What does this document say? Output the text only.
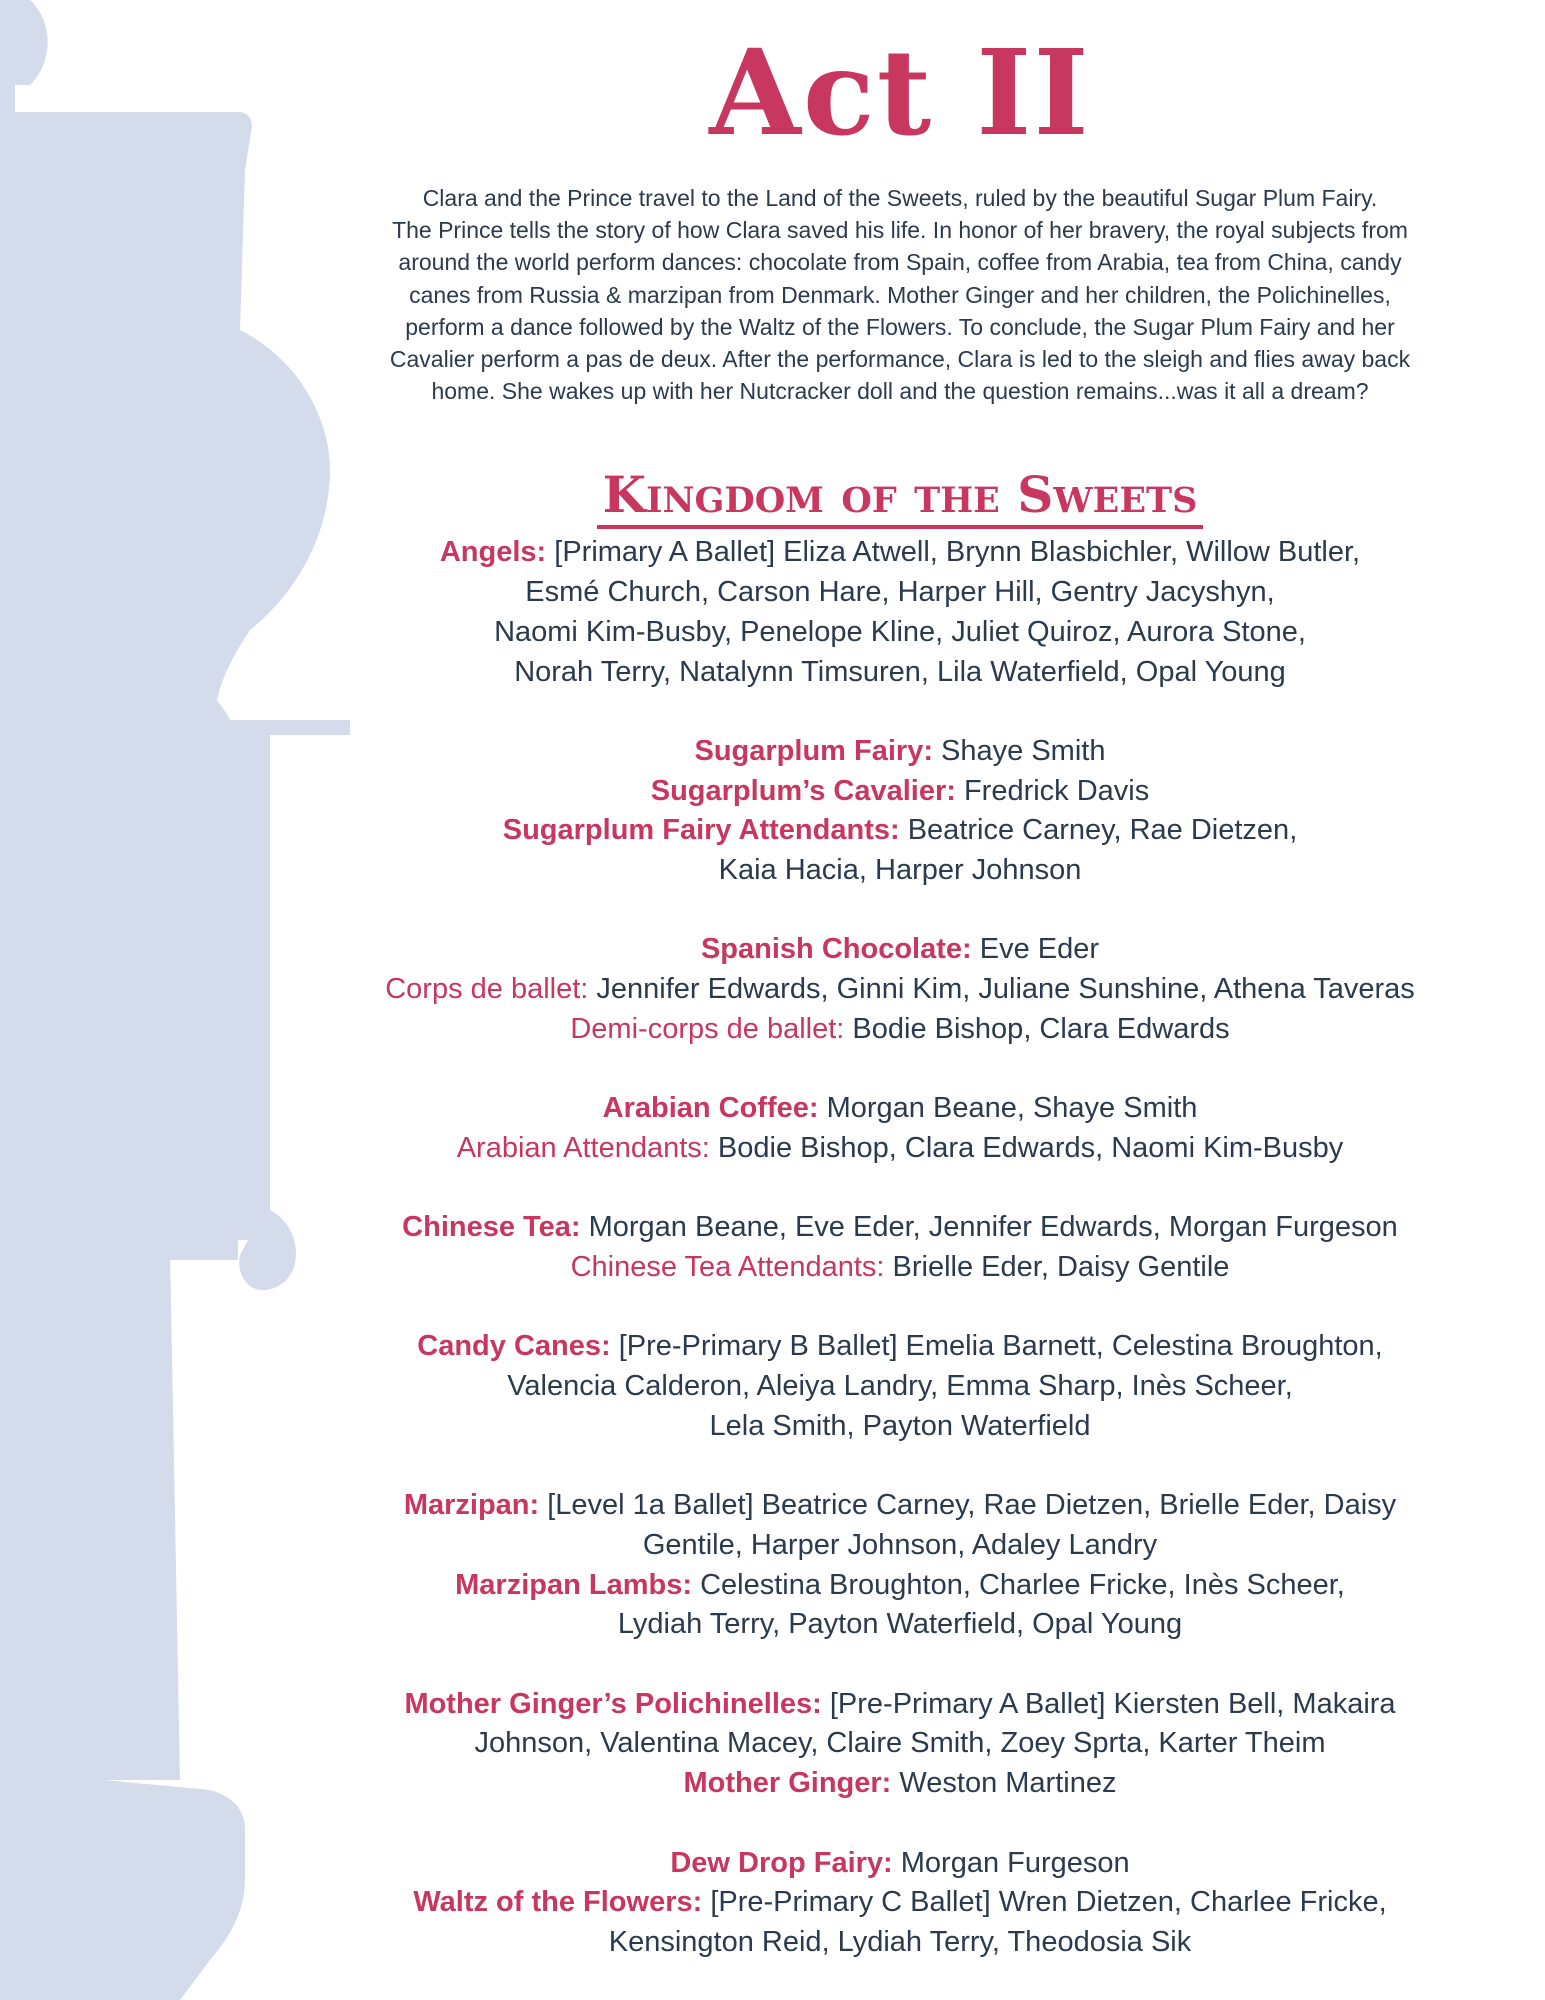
Act II
Clara and the Prince travel to the Land of the Sweets, ruled by the beautiful Sugar Plum Fairy.
The Prince tells the story of how Clara saved his life. In honor of her bravery, the royal subjects from
around the world perform dances: chocolate from Spain, coffee from Arabia, tea from China, candy
canes from Russia & marzipan from Denmark. Mother Ginger and her children, the Polichinelles,
perform a dance followed by the Waltz of the Flowers. To conclude, the Sugar Plum Fairy and her
Cavalier perform a pas de deux. After the performance, Clara is led to the sleigh and flies away back
home. She wakes up with her Nutcracker doll and the question remains...was it all a dream?
Kingdom of the Sweets
Angels: [Primary A Ballet] Eliza Atwell, Brynn Blasbichler, Willow Butler,
Esmé Church, Carson Hare, Harper Hill, Gentry Jacyshyn,
Naomi Kim-Busby, Penelope Kline, Juliet Quiroz, Aurora Stone,
Norah Terry, Natalynn Timsuren, Lila Waterfield, Opal Young
Sugarplum Fairy: Shaye Smith
Sugarplum’s Cavalier: Fredrick Davis
Sugarplum Fairy Attendants: Beatrice Carney, Rae Dietzen,
Kaia Hacia, Harper Johnson
Spanish Chocolate: Eve Eder
Corps de ballet: Jennifer Edwards, Ginni Kim, Juliane Sunshine, Athena Taveras
Demi-corps de ballet: Bodie Bishop, Clara Edwards
Arabian Coffee: Morgan Beane, Shaye Smith
Arabian Attendants: Bodie Bishop, Clara Edwards, Naomi Kim-Busby
Chinese Tea: Morgan Beane, Eve Eder, Jennifer Edwards, Morgan Furgeson
Chinese Tea Attendants: Brielle Eder, Daisy Gentile
Candy Canes: [Pre-Primary B Ballet] Emelia Barnett, Celestina Broughton,
Valencia Calderon, Aleiya Landry, Emma Sharp, Inès Scheer,
Lela Smith, Payton Waterfield
Marzipan: [Level 1a Ballet] Beatrice Carney, Rae Dietzen, Brielle Eder, Daisy
Gentile, Harper Johnson, Adaley Landry
Marzipan Lambs: Celestina Broughton, Charlee Fricke, Inès Scheer,
Lydiah Terry, Payton Waterfield, Opal Young
Mother Ginger’s Polichinelles: [Pre-Primary A Ballet] Kiersten Bell, Makaira
Johnson, Valentina Macey, Claire Smith, Zoey Sprta, Karter Theim
Mother Ginger: Weston Martinez
Dew Drop Fairy: Morgan Furgeson
Waltz of the Flowers: [Pre-Primary C Ballet] Wren Dietzen, Charlee Fricke,
Kensington Reid, Lydiah Terry, Theodosia Sik
